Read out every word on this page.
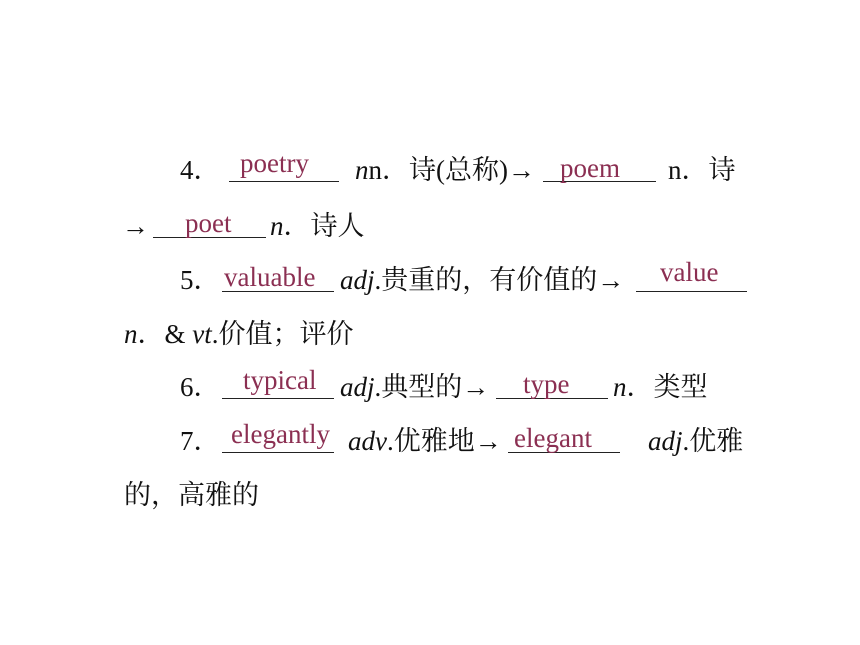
4． poetry nn．诗(总称)→ poem n．诗
→ poet n．诗人
5． valuable adj.贵重的，有价值的→ value
n．& vt.价值；评价
6． typical adj.典型的→ type n．类型
7． elegantly adv.优雅地→ elegant adj.优雅
的，高雅的
